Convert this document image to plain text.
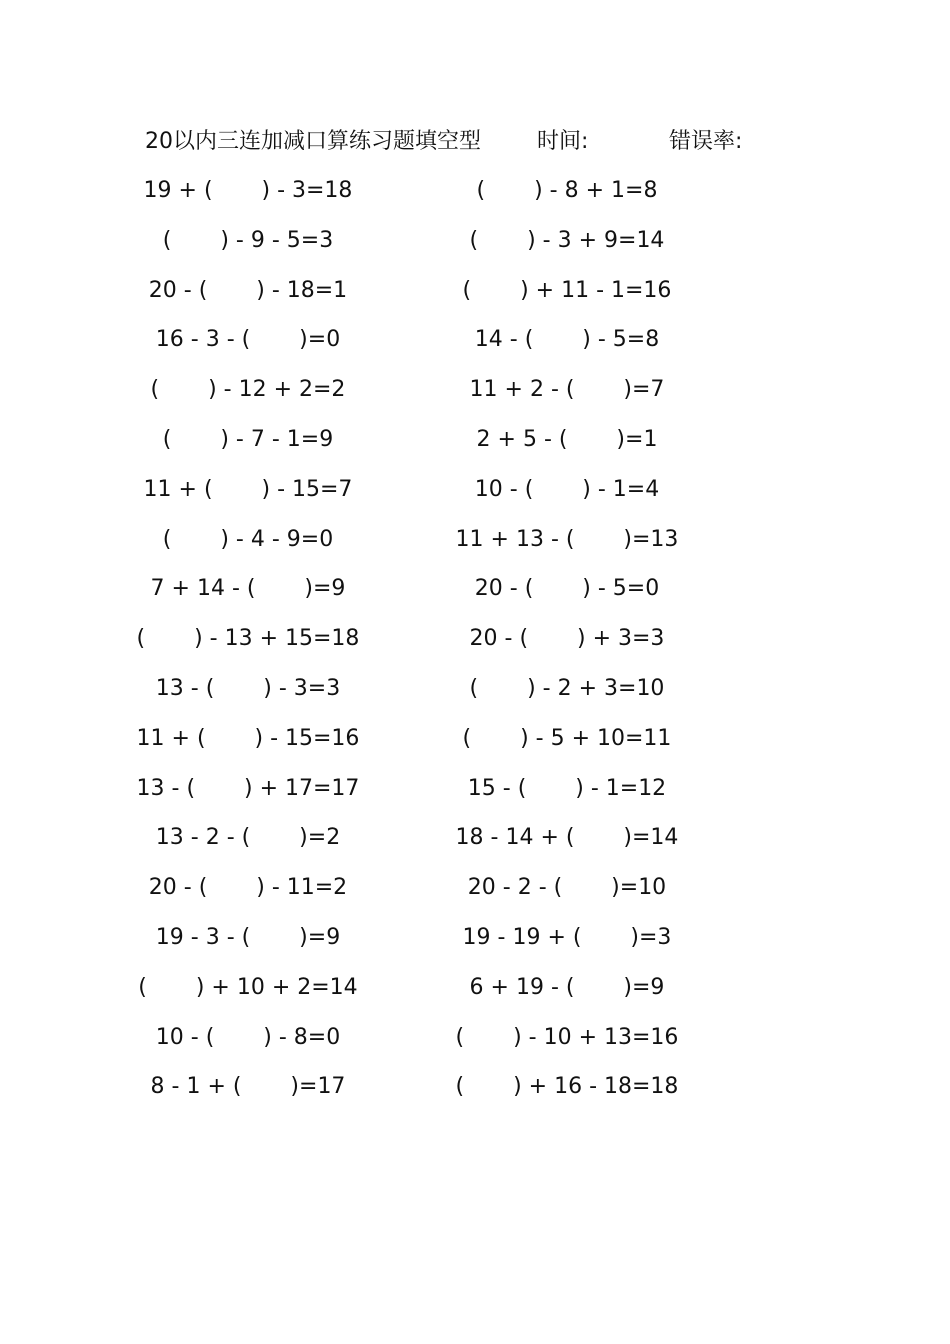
20以内三连加减口算练习题填空型	时间:	错误率:
19 + (       ) - 3=18
(       ) - 9 - 5=3
20 - (       ) - 18=1
16 - 3 - (       )=0
(       ) - 12 + 2=2
(       ) - 7 - 1=9
11 + (       ) - 15=7
(       ) - 4 - 9=0
7 + 14 - (       )=9
(       ) - 13 + 15=18
13 - (       ) - 3=3
11 + (       ) - 15=16
13 - (       ) + 17=17
13 - 2 - (       )=2
20 - (       ) - 11=2
19 - 3 - (       )=9
(       ) + 10 + 2=14
10 - (       ) - 8=0
8 - 1 + (       )=17
(       ) - 8 + 1=8
(       ) - 3 + 9=14
(       ) + 11 - 1=16
14 - (       ) - 5=8
11 + 2 - (       )=7
2 + 5 - (       )=1
10 - (       ) - 1=4
11 + 13 - (       )=13
20 - (       ) - 5=0
20 - (       ) + 3=3
(       ) - 2 + 3=10
(       ) - 5 + 10=11
15 - (       ) - 1=12
18 - 14 + (       )=14
20 - 2 - (       )=10
19 - 19 + (       )=3
6 + 19 - (       )=9
(       ) - 10 + 13=16
(       ) + 16 - 18=18
